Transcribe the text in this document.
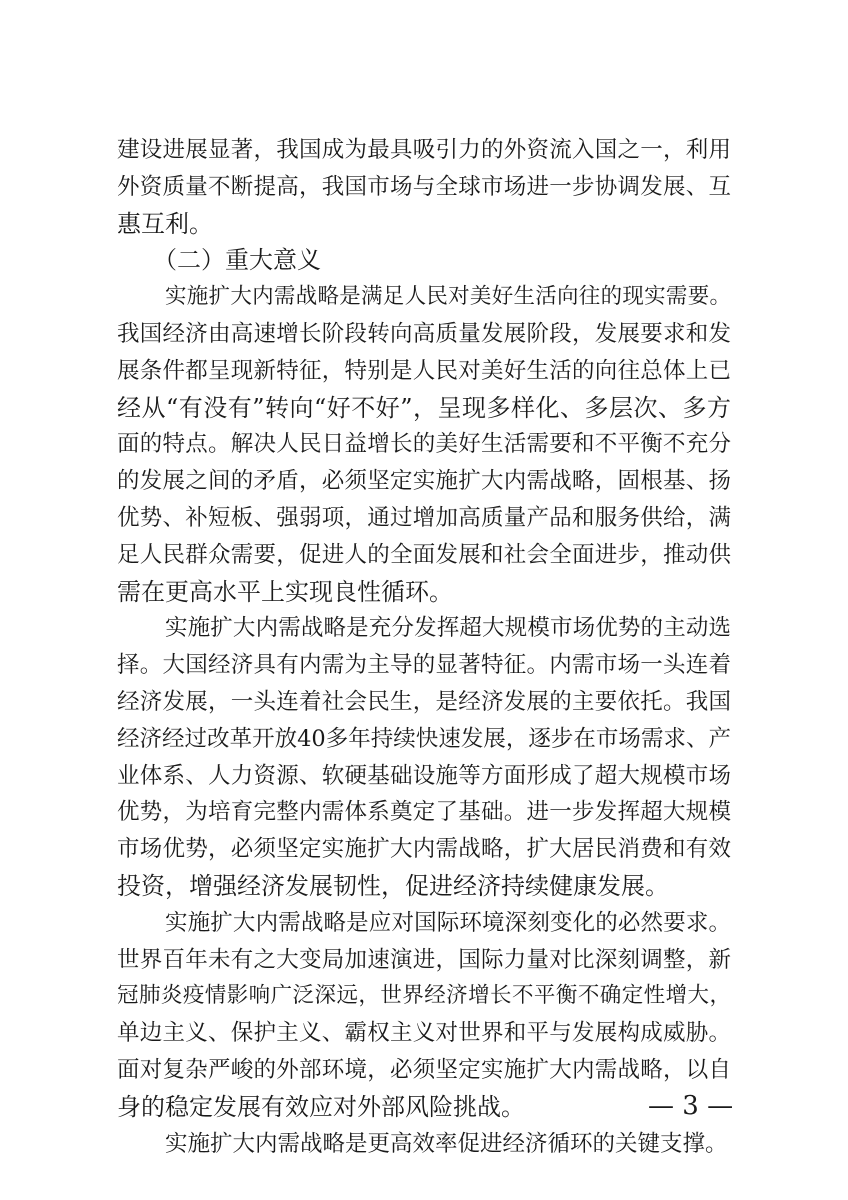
建设进展显著，我国成为最具吸引力的外资流入国之一，利用
外资质量不断提高，我国市场与全球市场进一步协调发展、互
惠互利。
（二）重大意义
实施扩大内需战略是满足人民对美好生活向往的现实需要。
我国经济由高速增长阶段转向高质量发展阶段，发展要求和发
展条件都呈现新特征，特别是人民对美好生活的向往总体上已
经从“有没有”转向“好不好”，呈现多样化、多层次、多方
面的特点。解决人民日益增长的美好生活需要和不平衡不充分
的发展之间的矛盾，必须坚定实施扩大内需战略，固根基、扬
优势、补短板、强弱项，通过增加高质量产品和服务供给，满
足人民群众需要，促进人的全面发展和社会全面进步，推动供
需在更高水平上实现良性循环。
实施扩大内需战略是充分发挥超大规模市场优势的主动选
择。大国经济具有内需为主导的显著特征。内需市场一头连着
经济发展，一头连着社会民生，是经济发展的主要依托。我国
经济经过改革开放40多年持续快速发展，逐步在市场需求、产
业体系、人力资源、软硬基础设施等方面形成了超大规模市场
优势，为培育完整内需体系奠定了基础。进一步发挥超大规模
市场优势，必须坚定实施扩大内需战略，扩大居民消费和有效
投资，增强经济发展韧性，促进经济持续健康发展。
实施扩大内需战略是应对国际环境深刻变化的必然要求。
世界百年未有之大变局加速演进，国际力量对比深刻调整，新
冠肺炎疫情影响广泛深远，世界经济增长不平衡不确定性增大，
单边主义、保护主义、霸权主义对世界和平与发展构成威胁。
面对复杂严峻的外部环境，必须坚定实施扩大内需战略，以自
身的稳定发展有效应对外部风险挑战。
实施扩大内需战略是更高效率促进经济循环的关键支撑。
— 3 —
